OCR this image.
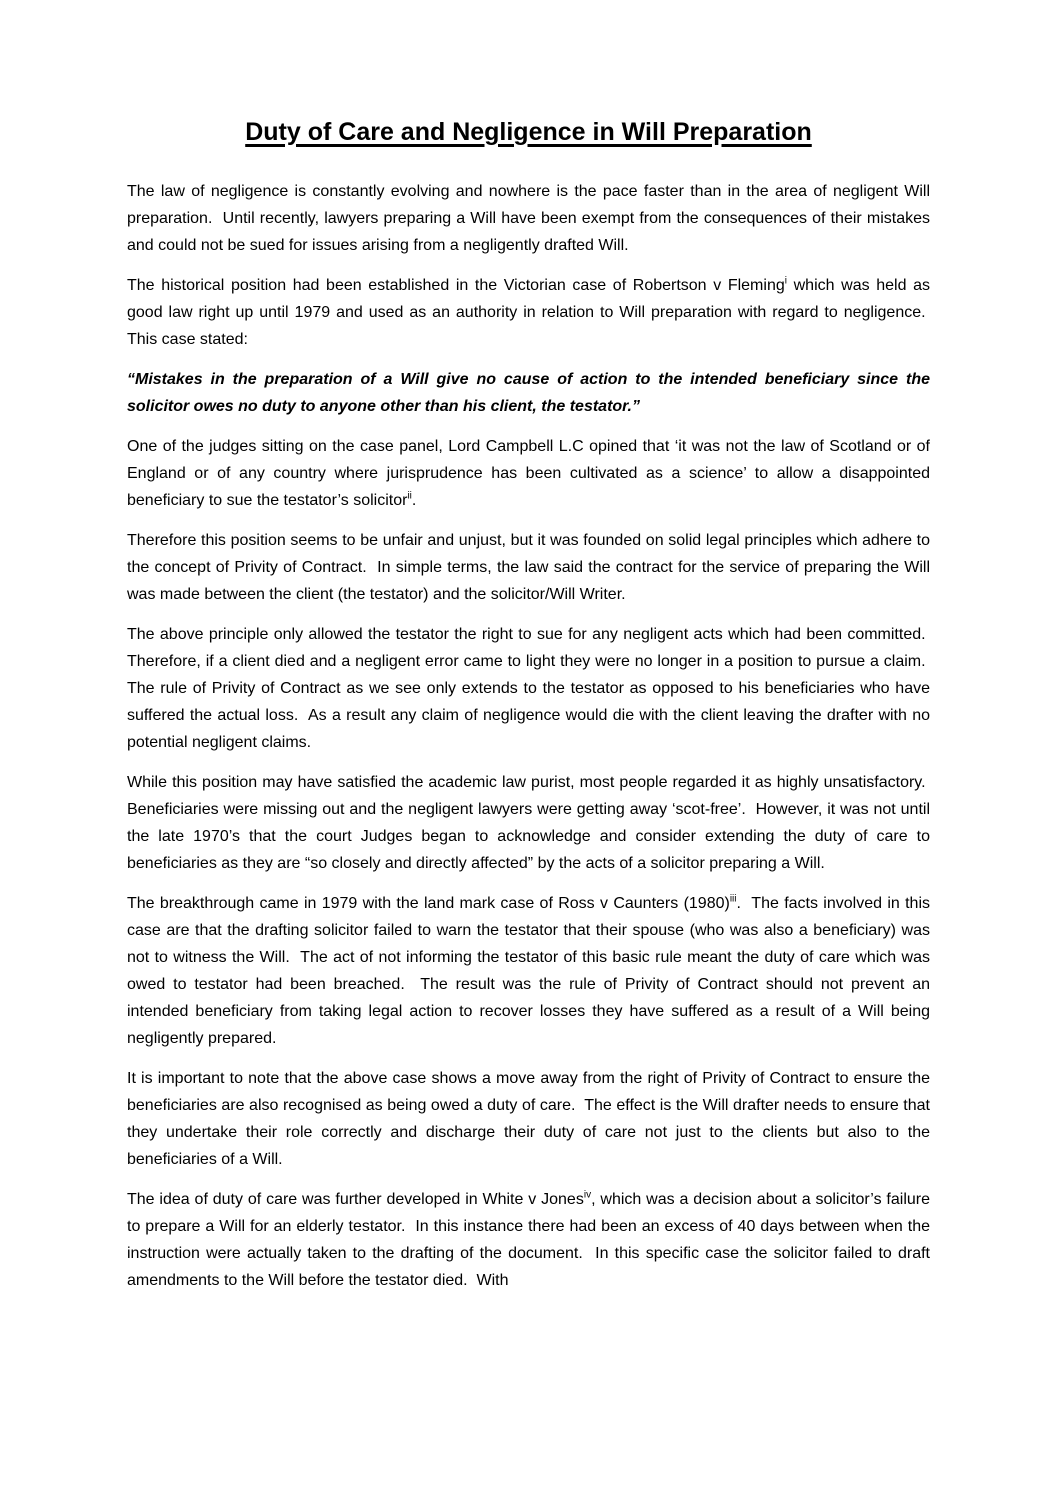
Duty of Care and Negligence in Will Preparation

The law of negligence is constantly evolving and nowhere is the pace faster than in the area of negligent Will preparation.  Until recently, lawyers preparing a Will have been exempt from the consequences of their mistakes and could not be sued for issues arising from a negligently drafted Will.

The historical position had been established in the Victorian case of Robertson v Fleming$^i$ which was held as good law right up until 1979 and used as an authority in relation to Will preparation with regard to negligence.  This case stated:

“Mistakes in the preparation of a Will give no cause of action to the intended beneficiary since the solicitor owes no duty to anyone other than his client, the testator.”

One of the judges sitting on the case panel, Lord Campbell L.C opined that ‘it was not the law of Scotland or of England or of any country where jurisprudence has been cultivated as a science’ to allow a disappointed beneficiary to sue the testator’s solicitor$^{ii}$.

Therefore this position seems to be unfair and unjust, but it was founded on solid legal principles which adhere to the concept of Privity of Contract.  In simple terms, the law said the contract for the service of preparing the Will was made between the client (the testator) and the solicitor/Will Writer.

The above principle only allowed the testator the right to sue for any negligent acts which had been committed.  Therefore, if a client died and a negligent error came to light they were no longer in a position to pursue a claim.  The rule of Privity of Contract as we see only extends to the testator as opposed to his beneficiaries who have suffered the actual loss.  As a result any claim of negligence would die with the client leaving the drafter with no potential negligent claims.

While this position may have satisfied the academic law purist, most people regarded it as highly unsatisfactory.  Beneficiaries were missing out and the negligent lawyers were getting away ‘scot-free’.  However, it was not until the late 1970’s that the court Judges began to acknowledge and consider extending the duty of care to beneficiaries as they are “so closely and directly affected” by the acts of a solicitor preparing a Will.

The breakthrough came in 1979 with the land mark case of Ross v Caunters $(1980)^{iii}$.  The facts involved in this case are that the drafting solicitor failed to warn the testator that their spouse (who was also a beneficiary) was not to witness the Will.  The act of not informing the testator of this basic rule meant the duty of care which was owed to testator had been breached.  The result was the rule of Privity of Contract should not prevent an intended beneficiary from taking legal action to recover losses they have suffered as a result of a Will being negligently prepared.

It is important to note that the above case shows a move away from the right of Privity of Contract to ensure the beneficiaries are also recognised as being owed a duty of care.  The effect is the Will drafter needs to ensure that they undertake their role correctly and discharge their duty of care not just to the clients but also to the beneficiaries of a Will.

The idea of duty of care was further developed in White v Jones$^{iv}$, which was a decision about a solicitor’s failure to prepare a Will for an elderly testator.  In this instance there had been an excess of 40 days between when the instruction were actually taken to the drafting of the document.  In this specific case the solicitor failed to draft amendments to the Will before the testator died.  With
